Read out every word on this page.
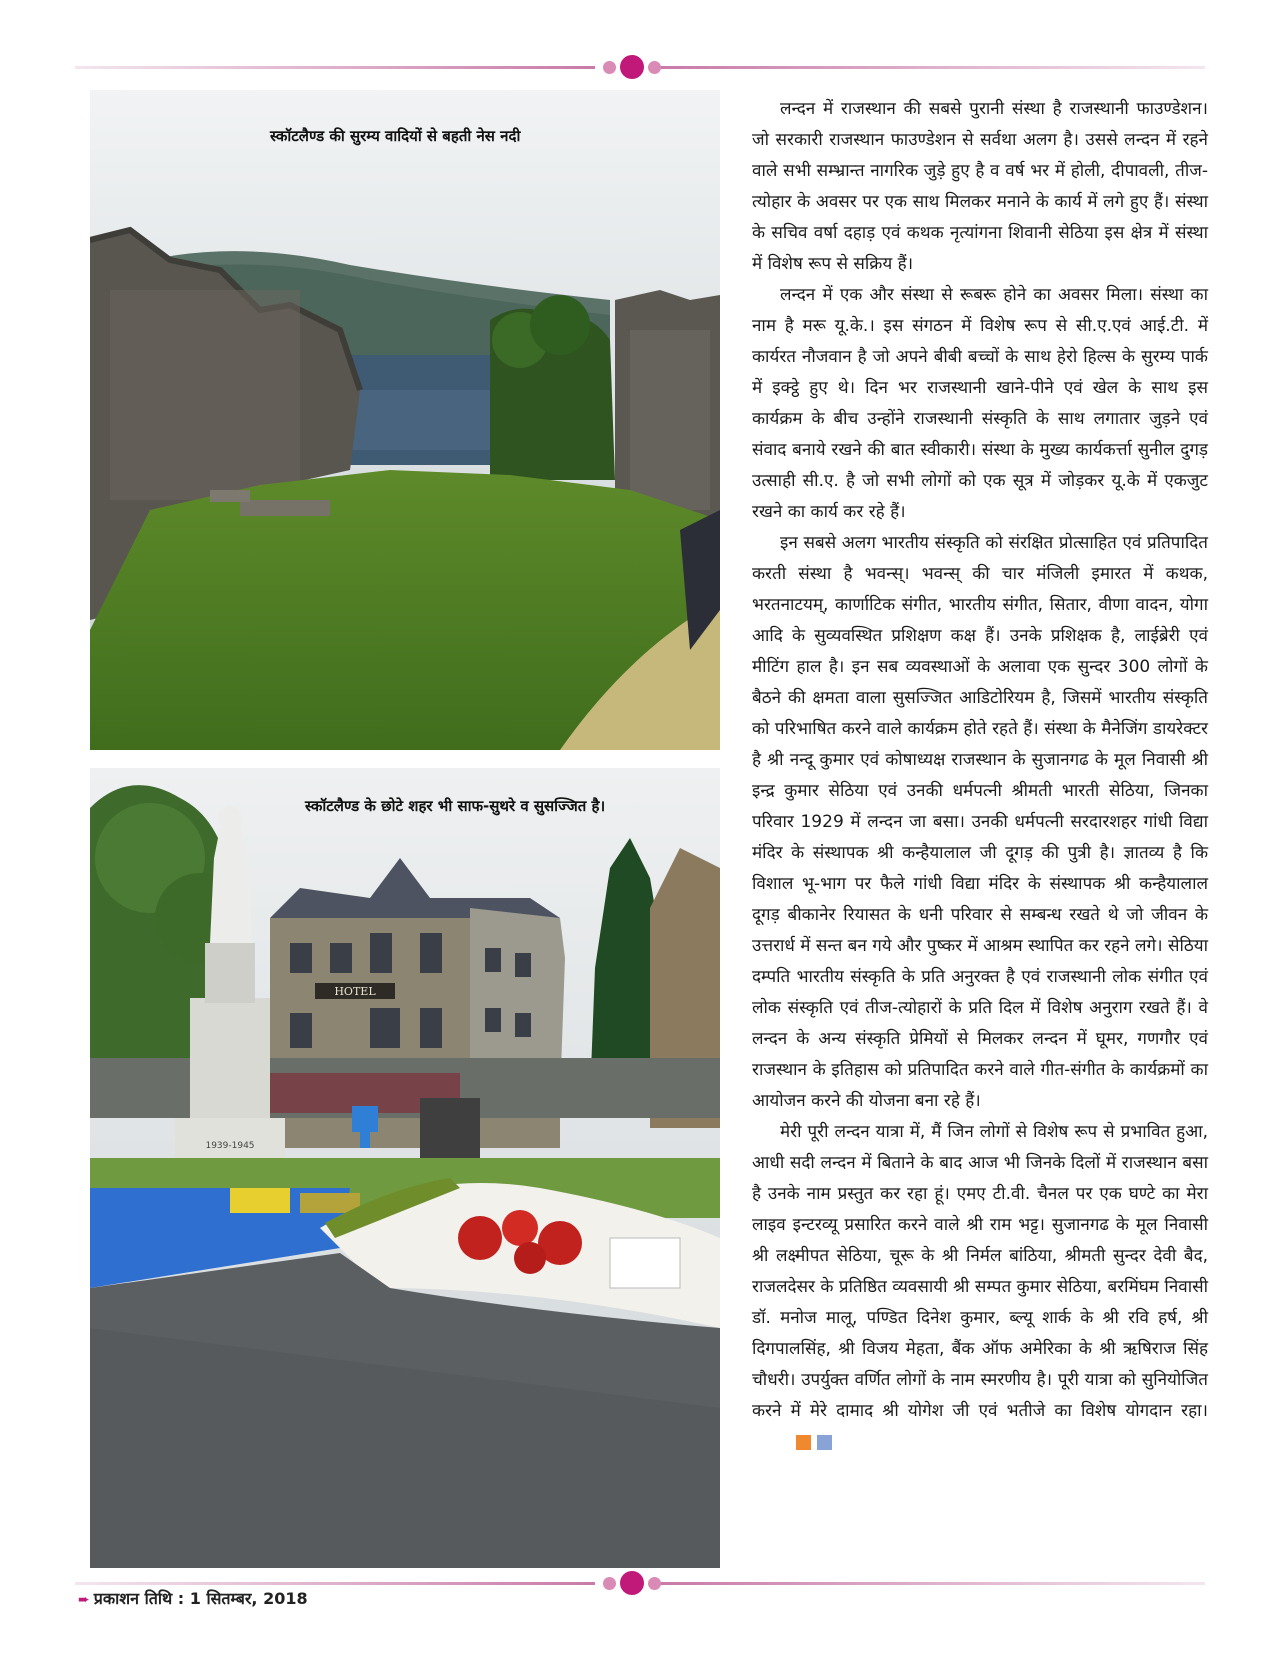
स्कॉटलैण्ड की सुरम्य वादियों से बहती नेस नदी
HOTEL
1939-1945
स्कॉटलैण्ड के छोटे शहर भी साफ-सुथरे व सुसज्जित है।

लन्दन में राजस्थान की सबसे पुरानी संस्था है राजस्थानी फाउण्डेशन। जो सरकारी राजस्थान फाउण्डेशन से सर्वथा अलग है। उससे लन्दन में रहने वाले सभी सम्भ्रान्त नागरिक जुड़े हुए है व वर्ष भर में होली, दीपावली, तीज-त्योहार के अवसर पर एक साथ मिलकर मनाने के कार्य में लगे हुए हैं। संस्था के सचिव वर्षा दहाड़ एवं कथक नृत्यांगना शिवानी सेठिया इस क्षेत्र में संस्था में विशेष रूप से सक्रिय हैं।

लन्दन में एक और संस्था से रूबरू होने का अवसर मिला। संस्था का नाम है मरू यू.के.। इस संगठन में विशेष रूप से सी.ए.एवं आई.टी. में कार्यरत नौजवान है जो अपने बीबी बच्चों के साथ हेरो हिल्स के सुरम्य पार्क में इक्ट्ठे हुए थे। दिन भर राजस्थानी खाने-पीने एवं खेल के साथ इस कार्यक्रम के बीच उन्होंने राजस्थानी संस्कृति के साथ लगातार जुड़ने एवं संवाद बनाये रखने की बात स्वीकारी। संस्था के मुख्य कार्यकर्त्ता सुनील दुगड़ उत्साही सी.ए. है जो सभी लोगों को एक सूत्र में जोड़कर यू.के में एकजुट रखने का कार्य कर रहे हैं।

इन सबसे अलग भारतीय संस्कृति को संरक्षित प्रोत्साहित एवं प्रतिपादित करती संस्था है भवन्स्। भवन्स् की चार मंजिली इमारत में कथक, भरतनाटयम्, कार्णाटिक संगीत, भारतीय संगीत, सितार, वीणा वादन, योगा आदि के सुव्यवस्थित प्रशिक्षण कक्ष हैं। उनके प्रशिक्षक है, लाईब्रेरी एवं मीटिंग हाल है। इन सब व्यवस्थाओं के अलावा एक सुन्दर 300 लोगों के बैठने की क्षमता वाला सुसज्जित आडिटोरियम है, जिसमें भारतीय संस्कृति को परिभाषित करने वाले कार्यक्रम होते रहते हैं। संस्था के मैनेजिंग डायरेक्टर है श्री नन्दू कुमार एवं कोषाध्यक्ष राजस्थान के सुजानगढ के मूल निवासी श्री इन्द्र कुमार सेठिया एवं उनकी धर्मपत्नी श्रीमती भारती सेठिया, जिनका परिवार 1929 में लन्दन जा बसा। उनकी धर्मपत्नी सरदारशहर गांधी विद्या मंदिर के संस्थापक श्री कन्हैयालाल जी दूगड़ की पुत्री है। ज्ञातव्य है कि विशाल भू-भाग पर फैले गांधी विद्या मंदिर के संस्थापक श्री कन्हैयालाल दूगड़ बीकानेर रियासत के धनी परिवार से सम्बन्ध रखते थे जो जीवन के उत्तरार्ध में सन्त बन गये और पुष्कर में आश्रम स्थापित कर रहने लगे। सेठिया दम्पति भारतीय संस्कृति के प्रति अनुरक्त है एवं राजस्थानी लोक संगीत एवं लोक संस्कृति एवं तीज-त्योहारों के प्रति दिल में विशेष अनुराग रखते हैं। वे लन्दन के अन्य संस्कृति प्रेमियों से मिलकर लन्दन में घूमर, गणगौर एवं राजस्थान के इतिहास को प्रतिपादित करने वाले गीत-संगीत के कार्यक्रमों का आयोजन करने की योजना बना रहे हैं।

मेरी पूरी लन्दन यात्रा में, मैं जिन लोगों से विशेष रूप से प्रभावित हुआ, आधी सदी लन्दन में बिताने के बाद आज भी जिनके दिलों में राजस्थान बसा है उनके नाम प्रस्तुत कर रहा हूं। एमए टी.वी. चैनल पर एक घण्टे का मेरा लाइव इन्टरव्यू प्रसारित करने वाले श्री राम भट्ट। सुजानगढ के मूल निवासी श्री लक्ष्मीपत सेठिया, चूरू के श्री निर्मल बांठिया, श्रीमती सुन्दर देवी बैद, राजलदेसर के प्रतिष्ठित व्यवसायी श्री सम्पत कुमार सेठिया, बरमिंघम निवासी डॉ. मनोज मालू, पण्डित दिनेश कुमार, ब्ल्यू शार्क के श्री रवि हर्ष, श्री दिगपालसिंह, श्री विजय मेहता, बैंक ऑफ अमेरिका के श्री ऋषिराज सिंह चौधरी। उपर्युक्त वर्णित लोगों के नाम स्मरणीय है। पूरी यात्रा को सुनियोजित करने में मेरे दामाद श्री योगेश जी एवं भतीजे का विशेष योगदान रहा।

➨ प्रकाशन तिथि : 1 सितम्बर, 2018
